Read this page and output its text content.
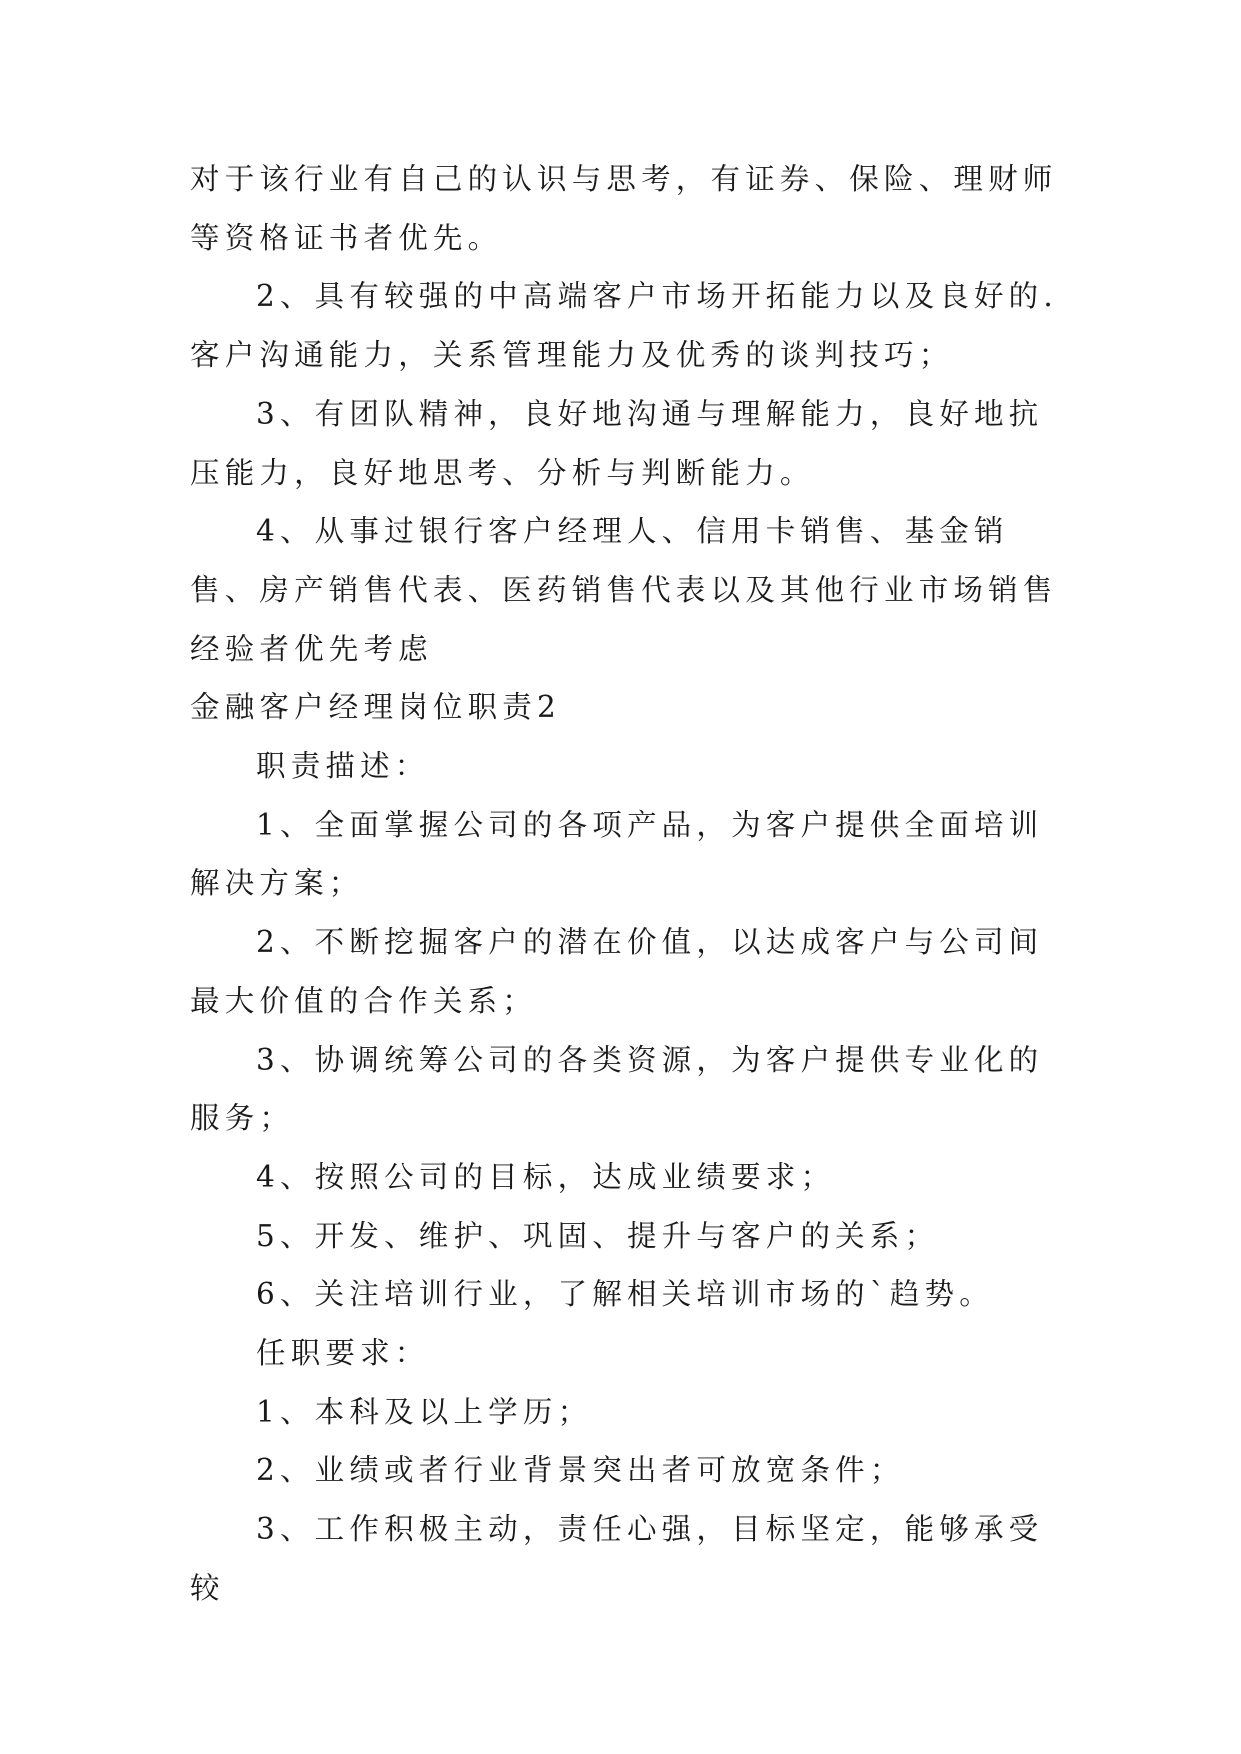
对于该行业有自己的认识与思考，有证券、保险、理财师等资格证书者优先。

2、具有较强的中高端客户市场开拓能力以及良好的.客户沟通能力，关系管理能力及优秀的谈判技巧；

3、有团队精神，良好地沟通与理解能力，良好地抗压能力，良好地思考、分析与判断能力。

4、从事过银行客户经理人、信用卡销售、基金销售、房产销售代表、医药销售代表以及其他行业市场销售经验者优先考虑

金融客户经理岗位职责2

职责描述：

1、全面掌握公司的各项产品，为客户提供全面培训解决方案；

2、不断挖掘客户的潜在价值，以达成客户与公司间最大价值的合作关系；

3、协调统筹公司的各类资源，为客户提供专业化的服务；

4、按照公司的目标，达成业绩要求；

5、开发、维护、巩固、提升与客户的关系；

6、关注培训行业，了解相关培训市场的`趋势。

任职要求：

1、本科及以上学历；

2、业绩或者行业背景突出者可放宽条件；

3、工作积极主动，责任心强，目标坚定，能够承受较
